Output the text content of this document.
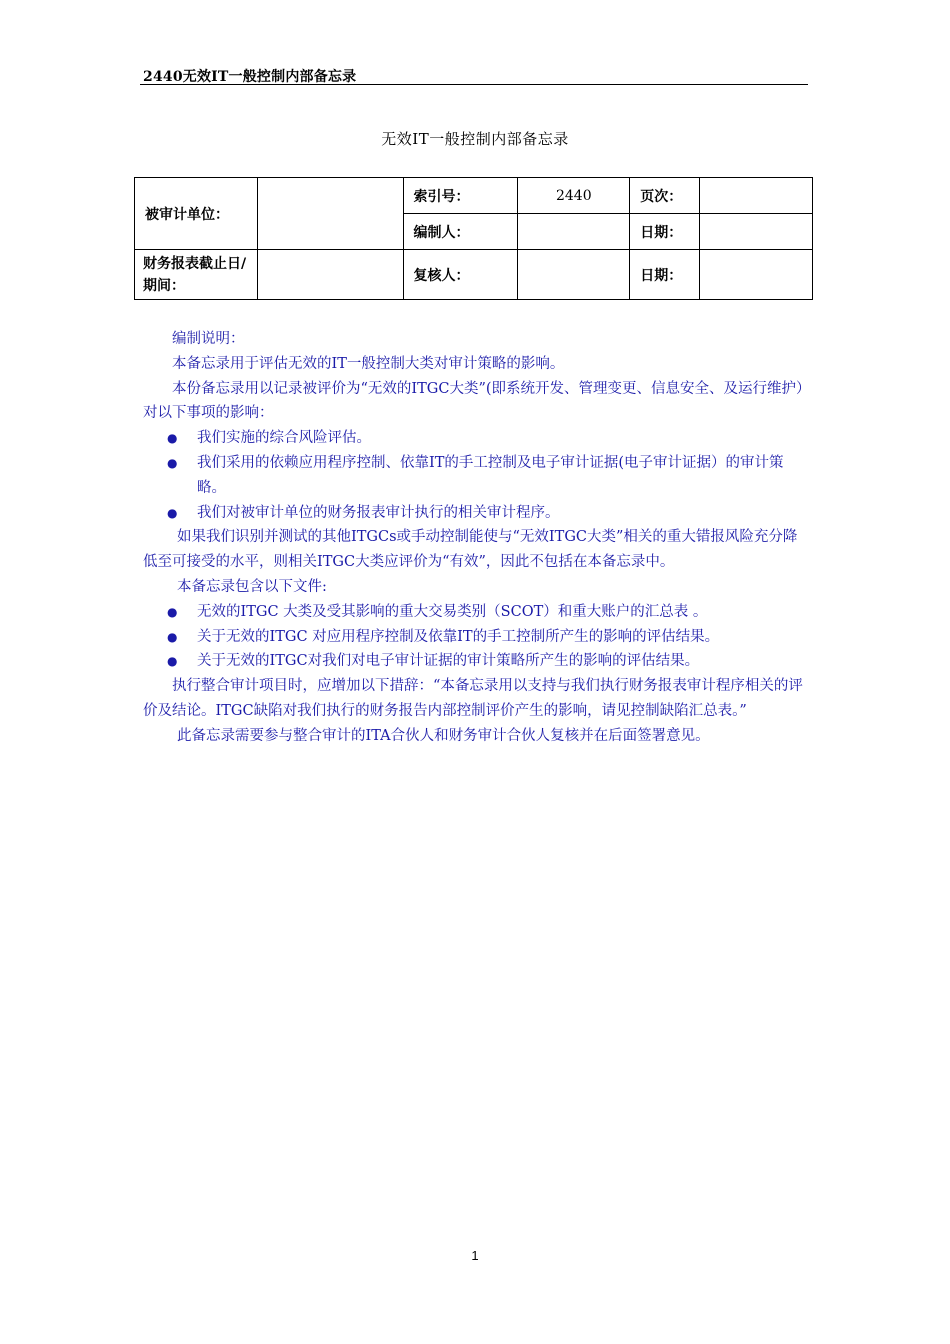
2440无效IT一般控制内部备忘录
无效IT一般控制内部备忘录
被审计单位：		索引号：	2440	页次：	
		编制人：		日期：	
财务报表截止日/期间：		复核人：		日期：	

编制说明：

本备忘录用于评估无效的IT一般控制大类对审计策略的影响。

本份备忘录用以记录被评价为“无效的ITGC大类”(即系统开发、管理变更、信息安全、及运行维护）对以下事项的影响：

●	我们实施的综合风险评估。
●	我们采用的依赖应用程序控制、依靠IT的手工控制及电子审计证据(电子审计证据）的审计策略。
●	我们对被审计单位的财务报表审计执行的相关审计程序。

如果我们识别并测试的其他ITGCs或手动控制能使与“无效ITGC大类”相关的重大错报风险充分降低至可接受的水平，则相关ITGC大类应评价为“有效”，因此不包括在本备忘录中。

本备忘录包含以下文件:

●	无效的ITGC 大类及受其影响的重大交易类别（SCOT）和重大账户的汇总表 。
●	关于无效的ITGC 对应用程序控制及依靠IT的手工控制所产生的影响的评估结果。
●	关于无效的ITGC对我们对电子审计证据的审计策略所产生的影响的评估结果。

执行整合审计项目时，应增加以下措辞：“本备忘录用以支持与我们执行财务报表审计程序相关的评价及结论。ITGC缺陷对我们执行的财务报告内部控制评价产生的影响，请见控制缺陷汇总表。”

此备忘录需要参与整合审计的ITA合伙人和财务审计合伙人复核并在后面签署意见。

1
